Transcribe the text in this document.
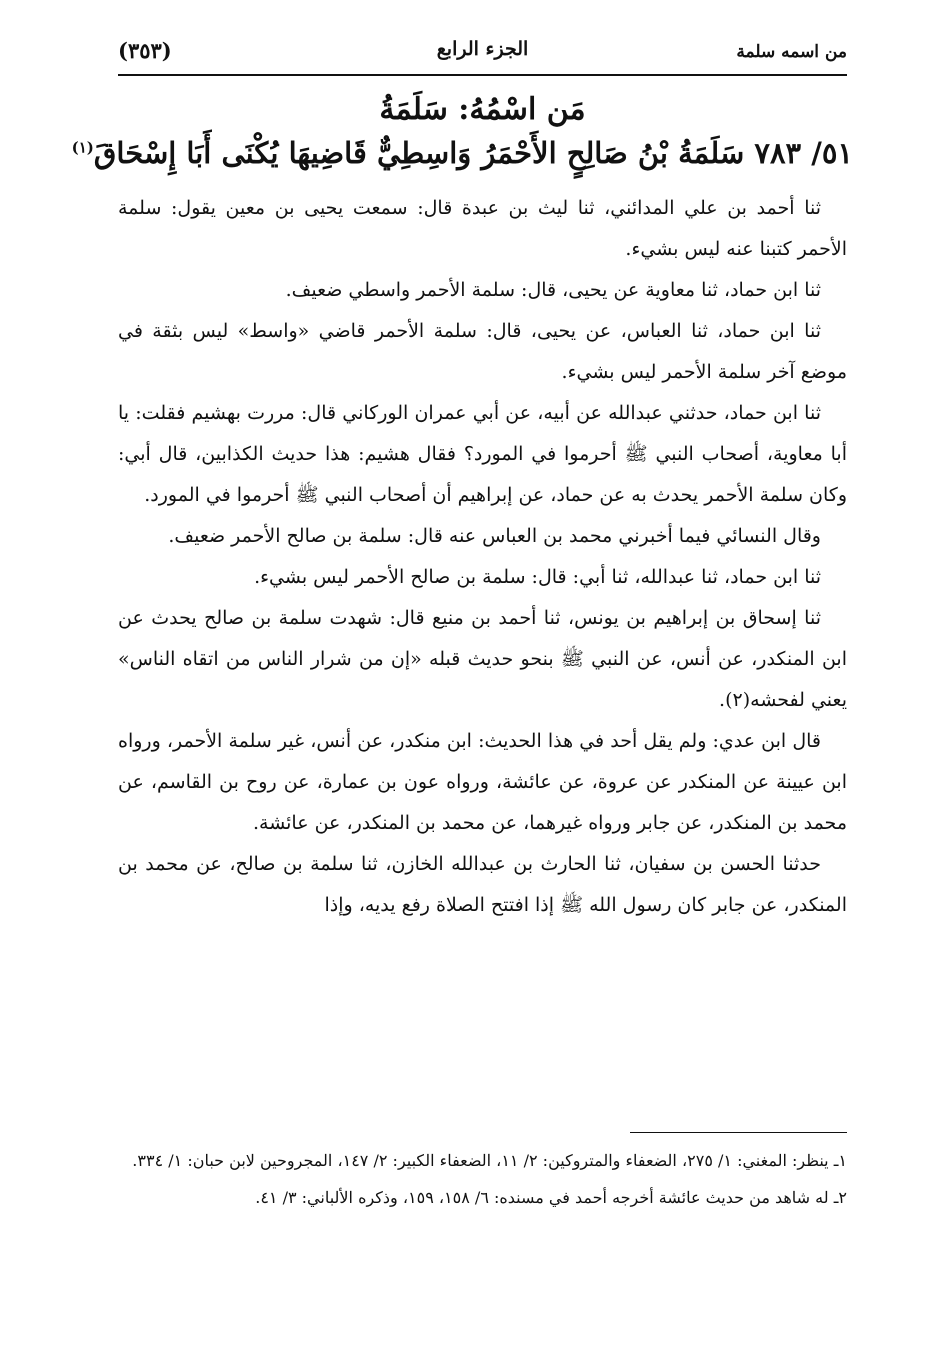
من اسمه سلمة
الجزء الرابع
(٣٥٣)
مَن اسْمُهُ: سَلَمَةُ
٥١/ ٧٨٣ سَلَمَةُ بْنُ صَالِحٍ الأَحْمَرُ وَاسِطِيٌّ قَاضِيهَا يُكْنَى أَبَا إِسْحَاقَ$^{(١)}$

ثنا أحمد بن علي المدائني، ثنا ليث بن عبدة قال: سمعت يحيى بن معين يقول: سلمة الأحمر كتبنا عنه ليس بشيء.

ثنا ابن حماد، ثنا معاوية عن يحيى، قال: سلمة الأحمر واسطي ضعيف.

ثنا ابن حماد، ثنا العباس، عن يحيى، قال: سلمة الأحمر قاضي «واسط» ليس بثقة في موضع آخر سلمة الأحمر ليس بشيء.

ثنا ابن حماد، حدثني عبدالله عن أبيه، عن أبي عمران الوركاني قال: مررت بهشيم فقلت: يا أبا معاوية، أصحاب النبي ﷺ أحرموا في المورد؟ فقال هشيم: هذا حديث الكذابين، قال أبي: وكان سلمة الأحمر يحدث به عن حماد، عن إبراهيم أن أصحاب النبي ﷺ أحرموا في المورد.

وقال النسائي فيما أخبرني محمد بن العباس عنه قال: سلمة بن صالح الأحمر ضعيف.

ثنا ابن حماد، ثنا عبدالله، ثنا أبي: قال: سلمة بن صالح الأحمر ليس بشيء.

ثنا إسحاق بن إبراهيم بن يونس، ثنا أحمد بن منيع قال: شهدت سلمة بن صالح يحدث عن ابن المنكدر، عن أنس، عن النبي ﷺ بنحو حديث قبله «إن من شرار الناس من اتقاه الناس» يعني لفحشه(٢).

قال ابن عدي: ولم يقل أحد في هذا الحديث: ابن منكدر، عن أنس، غير سلمة الأحمر، ورواه ابن عيينة عن المنكدر عن عروة، عن عائشة، ورواه عون بن عمارة، عن روح بن القاسم، عن محمد بن المنكدر، عن جابر ورواه غيرهما، عن محمد بن المنكدر، عن عائشة.

حدثنا الحسن بن سفيان، ثنا الحارث بن عبدالله الخازن، ثنا سلمة بن صالح، عن محمد بن المنكدر، عن جابر كان رسول الله ﷺ إذا افتتح الصلاة رفع يديه، وإذا

١ـ ينظر: المغني: ١/ ٢٧٥، الضعفاء والمتروكين: ٢/ ١١، الضعفاء الكبير: ٢/ ١٤٧، المجروحين لابن حبان: ١/ ٣٣٤.

٢ـ له شاهد من حديث عائشة أخرجه أحمد في مسنده: ٦/ ١٥٨، ١٥٩، وذكره الألباني: ٣/ ٤١.
